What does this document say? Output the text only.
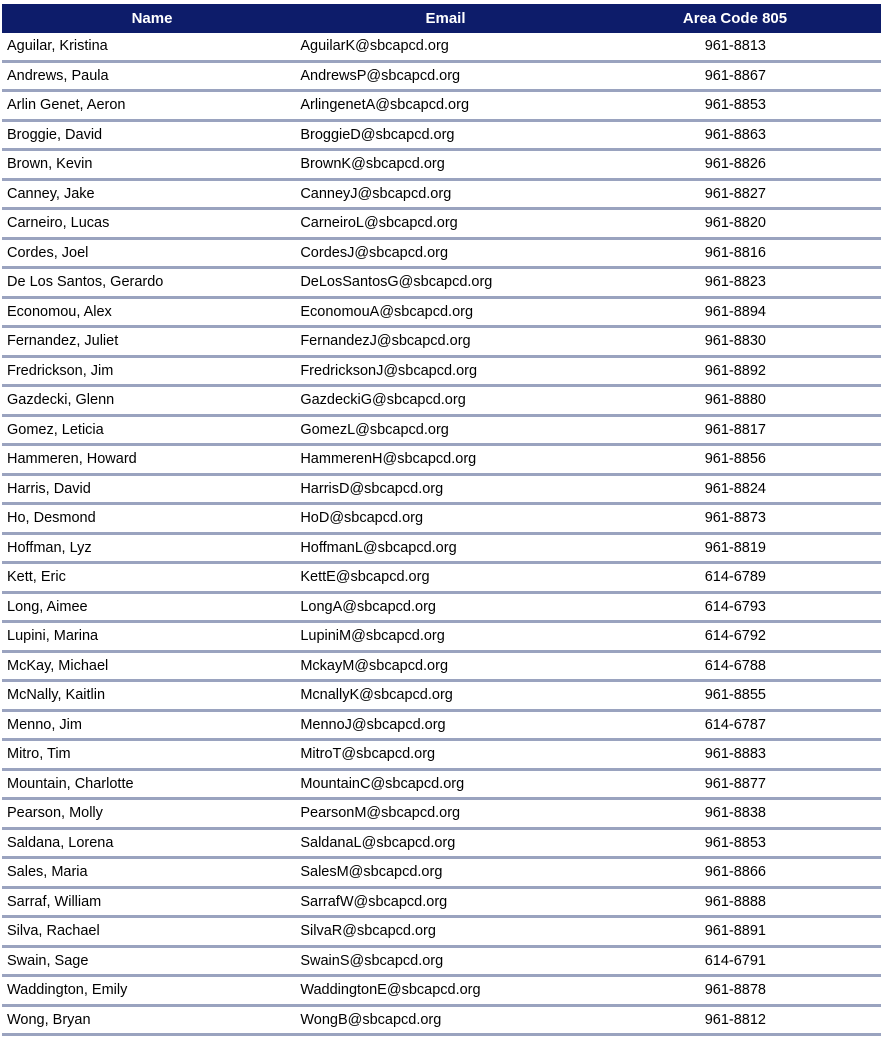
Name	Email	Area Code 805
Aguilar, Kristina	AguilarK@sbcapcd.org	961-8813
Andrews, Paula	AndrewsP@sbcapcd.org	961-8867
Arlin Genet, Aeron	ArlingenetA@sbcapcd.org	961-8853
Broggie, David	BroggieD@sbcapcd.org	961-8863
Brown, Kevin	BrownK@sbcapcd.org	961-8826
Canney, Jake	CanneyJ@sbcapcd.org	961-8827
Carneiro, Lucas	CarneiroL@sbcapcd.org	961-8820
Cordes, Joel	CordesJ@sbcapcd.org	961-8816
De Los Santos, Gerardo	DeLosSantosG@sbcapcd.org	961-8823
Economou, Alex	EconomouA@sbcapcd.org	961-8894
Fernandez, Juliet	FernandezJ@sbcapcd.org	961-8830
Fredrickson, Jim	FredricksonJ@sbcapcd.org	961-8892
Gazdecki, Glenn	GazdeckiG@sbcapcd.org	961-8880
Gomez, Leticia	GomezL@sbcapcd.org	961-8817
Hammeren, Howard	HammerenH@sbcapcd.org	961-8856
Harris, David	HarrisD@sbcapcd.org	961-8824
Ho, Desmond	HoD@sbcapcd.org	961-8873
Hoffman, Lyz	HoffmanL@sbcapcd.org	961-8819
Kett, Eric	KettE@sbcapcd.org	614-6789
Long, Aimee	LongA@sbcapcd.org	614-6793
Lupini, Marina	LupiniM@sbcapcd.org	614-6792
McKay, Michael	MckayM@sbcapcd.org	614-6788
McNally, Kaitlin	McnallyK@sbcapcd.org	961-8855
Menno, Jim	MennoJ@sbcapcd.org	614-6787
Mitro, Tim	MitroT@sbcapcd.org	961-8883
Mountain, Charlotte	MountainC@sbcapcd.org	961-8877
Pearson, Molly	PearsonM@sbcapcd.org	961-8838
Saldana, Lorena	SaldanaL@sbcapcd.org	961-8853
Sales, Maria	SalesM@sbcapcd.org	961-8866
Sarraf, William	SarrafW@sbcapcd.org	961-8888
Silva, Rachael	SilvaR@sbcapcd.org	961-8891
Swain, Sage	SwainS@sbcapcd.org	614-6791
Waddington, Emily	WaddingtonE@sbcapcd.org	961-8878
Wong, Bryan	WongB@sbcapcd.org	961-8812
